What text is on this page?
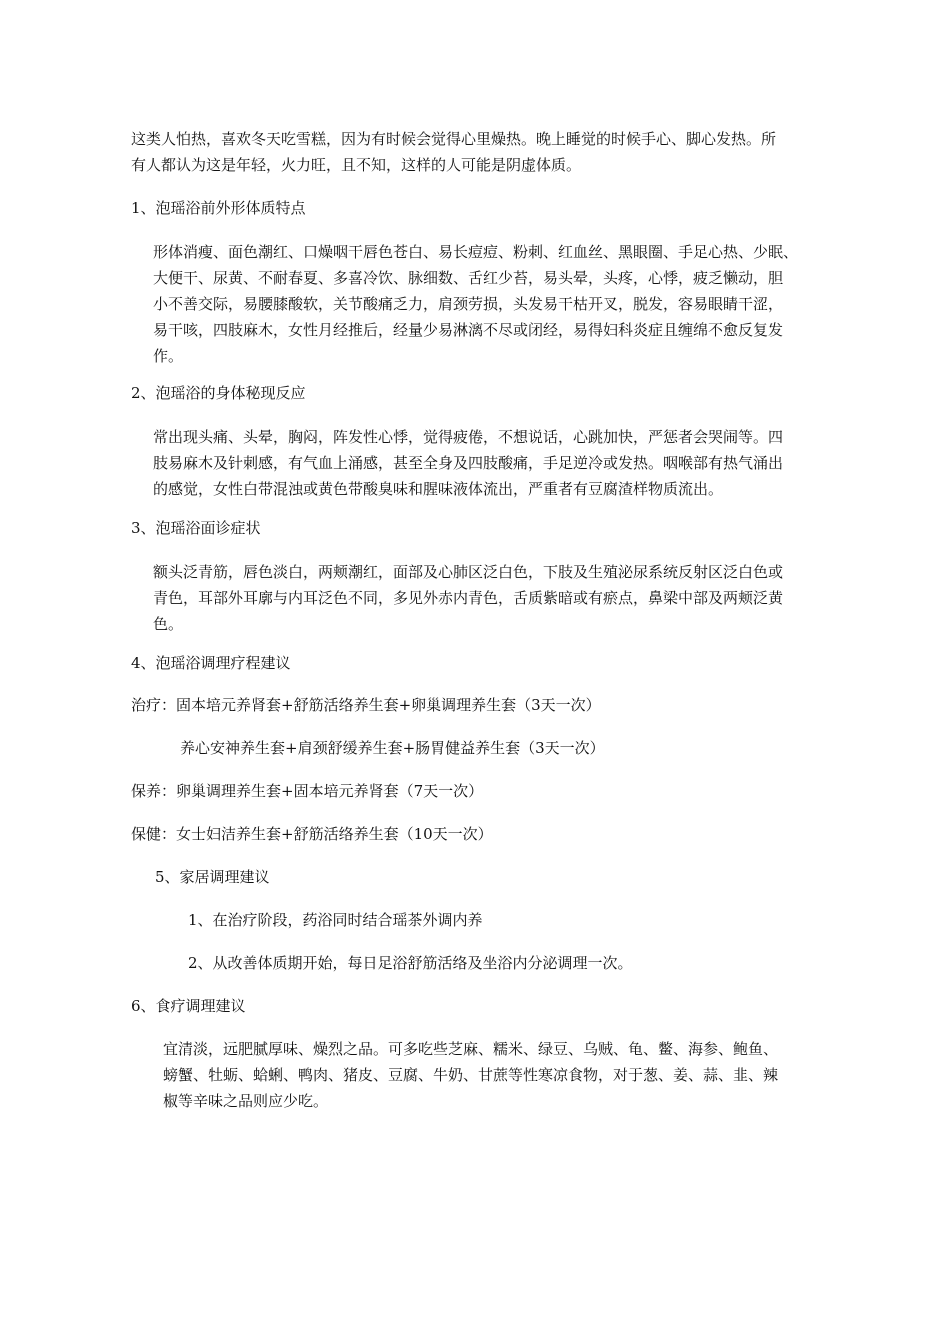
这类人怕热，喜欢冬天吃雪糕，因为有时候会觉得心里燥热。晚上睡觉的时候手心、脚心发热。所

有人都认为这是年轻，火力旺，且不知，这样的人可能是阴虚体质。

1、泡瑶浴前外形体质特点

形体消瘦、面色潮红、口燥咽干唇色苍白、易长痘痘、粉刺、红血丝、黑眼圈、手足心热、少眠、

大便干、尿黄、不耐春夏、多喜冷饮、脉细数、舌红少苔，易头晕，头疼，心悸，疲乏懒动，胆

小不善交际，易腰膝酸软，关节酸痛乏力，肩颈劳损，头发易干枯开叉，脱发，容易眼睛干涩，

易干咳，四肢麻木，女性月经推后，经量少易淋漓不尽或闭经，易得妇科炎症且缠绵不愈反复发

作。

2、泡瑶浴的身体秘现反应

常出现头痛、头晕，胸闷，阵发性心悸，觉得疲倦，不想说话，心跳加快，严惩者会哭闹等。四

肢易麻木及针刺感，有气血上涌感，甚至全身及四肢酸痛，手足逆冷或发热。咽喉部有热气涌出

的感觉，女性白带混浊或黄色带酸臭味和腥味液体流出，严重者有豆腐渣样物质流出。

3、泡瑶浴面诊症状

额头泛青筋，唇色淡白，两颊潮红，面部及心肺区泛白色，下肢及生殖泌尿系统反射区泛白色或

青色，耳部外耳廓与内耳泛色不同，多见外赤内青色，舌质紫暗或有瘀点，鼻梁中部及两颊泛黄

色。

4、泡瑶浴调理疗程建议

治疗：固本培元养肾套+舒筋活络养生套+卵巢调理养生套（3天一次）

养心安神养生套+肩颈舒缓养生套+肠胃健益养生套（3天一次）

保养：卵巢调理养生套+固本培元养肾套（7天一次）

保健：女士妇洁养生套+舒筋活络养生套（10天一次）

5、家居调理建议

1、在治疗阶段，药浴同时结合瑶茶外调内养

2、从改善体质期开始，每日足浴舒筋活络及坐浴内分泌调理一次。

6、食疗调理建议

宜清淡，远肥腻厚味、燥烈之品。可多吃些芝麻、糯米、绿豆、乌贼、龟、鳖、海参、鲍鱼、

螃蟹、牡蛎、蛤蜊、鸭肉、猪皮、豆腐、牛奶、甘蔗等性寒凉食物，对于葱、姜、蒜、韭、辣

椒等辛味之品则应少吃。
